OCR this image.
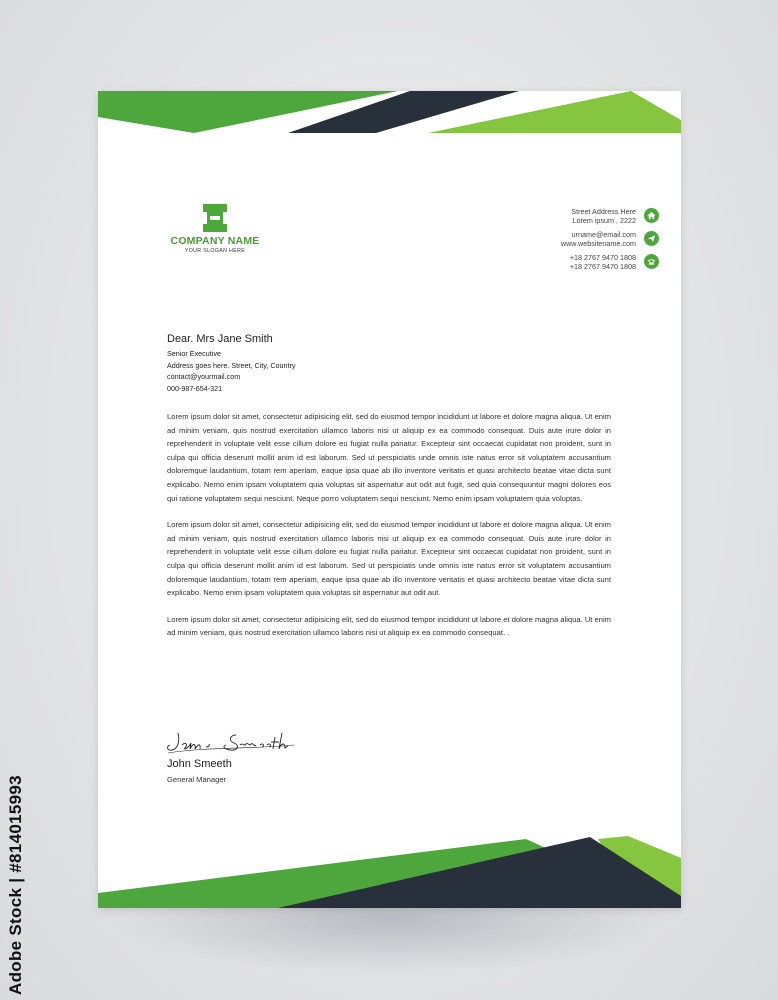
Adobe Stock | #814015993
COMPANY NAME
YOUR SLOGAN HERE
Street Address Here
Lorem ipsum , 2222
urname@email.com
www.websitename.com
+18 2767 9470 1808
+18 2767 9470 1808
Dear. Mrs Jane Smith
Senior Executive
Address goes here. Street, City, Country
contact@yourmail.com
000-987-654-321

Lorem ipsum dolor sit amet, consectetur adipisicing elit, sed do eiusmod tempor incididunt ut labore et dolore magna aliqua. Ut enim ad minim veniam, quis nostrud exercitation ullamco laboris nisi ut aliquip ex ea commodo consequat. Duis aute irure dolor in reprehenderit in voluptate velit esse cillum dolore eu fugiat nulla pariatur. Excepteur sint occaecat cupidatat non proident, sunt in culpa qui officia deserunt mollit anim id est laborum. Sed ut perspiciatis unde omnis iste natus error sit voluptatem accusantium doloremque laudantium, totam rem aperiam, eaque ipsa quae ab illo inventore veritatis et quasi architecto beatae vitae dicta sunt explicabo. Nemo enim ipsam voluptatem quia voluptas sit aspernatur aut odit aut fugit, sed quia consequuntur magni dolores eos qui ratione voluptatem sequi nesciunt. Neque porro voluptatem sequi nesciunt. Nemo enim ipsam voluptatem quia voluptas.

Lorem ipsum dolor sit amet, consectetur adipisicing elit, sed do eiusmod tempor incididunt ut labore et dolore magna aliqua. Ut enim ad minim veniam, quis nostrud exercitation ullamco laboris nisi ut aliquip ex ea commodo consequat. Duis aute irure dolor in reprehenderit in voluptate velit esse cillum dolore eu fugiat nulla pariatur. Excepteur sint occaecat cupidatat non proident, sunt in culpa qui officia deserunt mollit anim id est laborum. Sed ut perspiciatis unde omnis iste natus error sit voluptatem accusantium doloremque laudantium, totam rem aperiam, eaque ipsa quae ab illo inventore veritatis et quasi architecto beatae vitae dicta sunt explicabo. Nemo enim ipsam voluptatem quia voluptas sit aspernatur aut odit aut.

Lorem ipsum dolor sit amet, consectetur adipisicing elit, sed do eiusmod tempor incididunt ut labore et dolore magna aliqua. Ut enim ad minim veniam, quis nostrud exercitation ullamco laboris nisi ut aliquip ex ea commodo consequat. .

John Smeeth
General Manager
